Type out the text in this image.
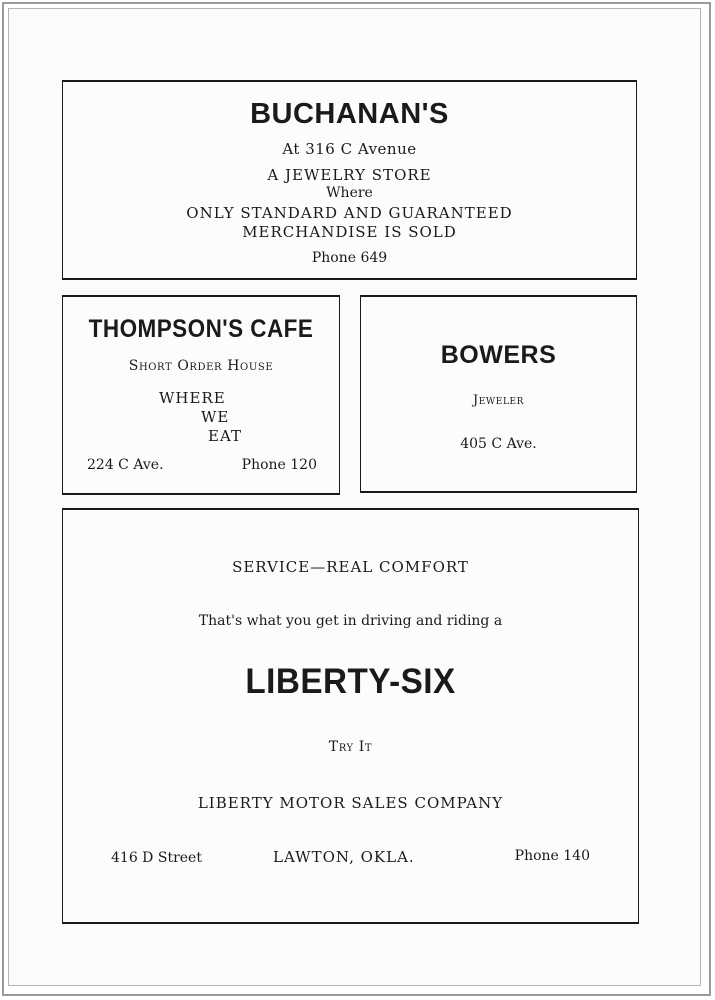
BUCHANAN'S
At 316 C Avenue
A JEWELRY STORE
Where
ONLY STANDARD AND GUARANTEED
MERCHANDISE IS SOLD
Phone 649
THOMPSON'S CAFE
Short Order House
WHERE
WE
EAT
224 C Ave.	Phone 120
BOWERS
Jeweler
405 C Ave.
SERVICE—REAL COMFORT
That's what you get in driving and riding a
LIBERTY-SIX
Try It
LIBERTY MOTOR SALES COMPANY
416 D Street	LAWTON, OKLA.	Phone 140
